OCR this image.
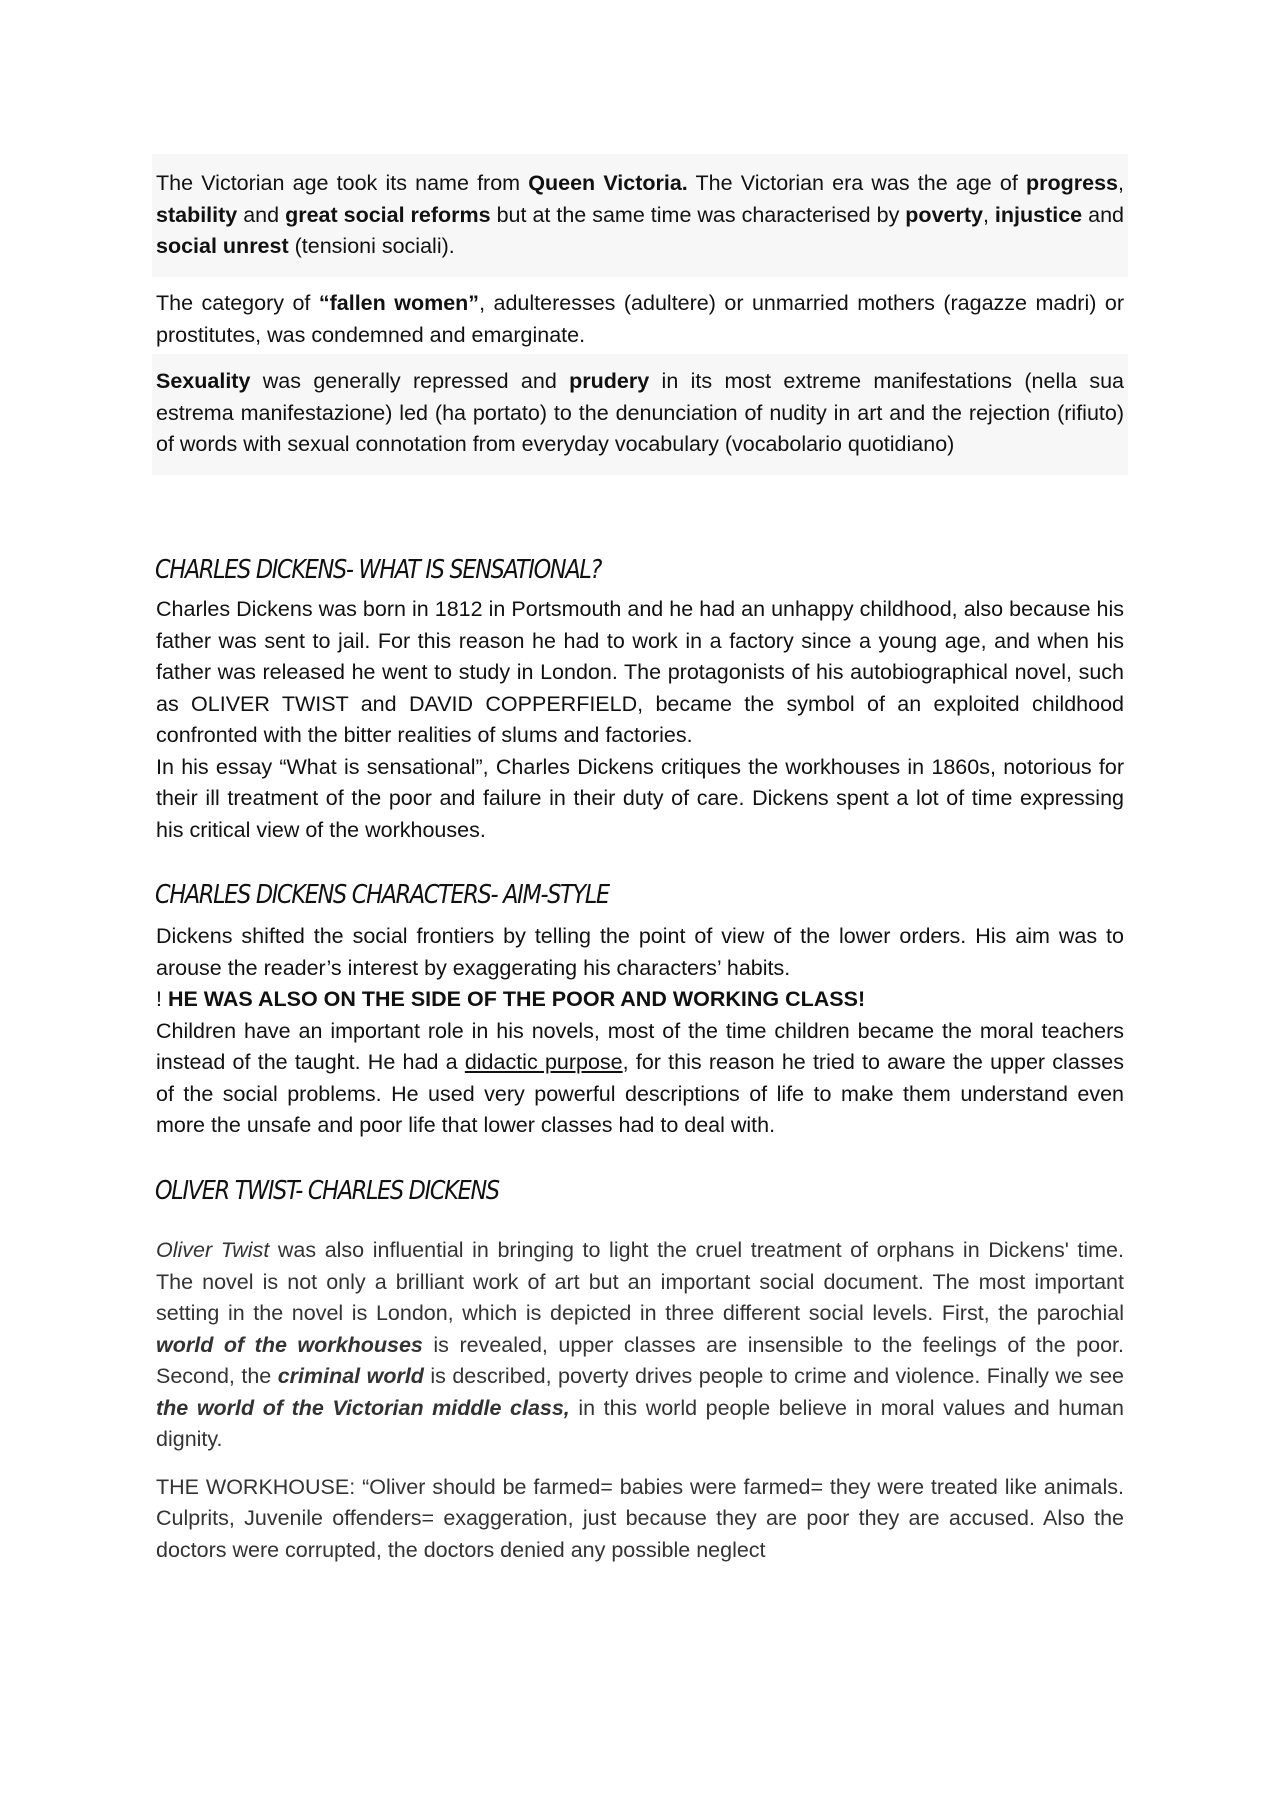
The Victorian age took its name from Queen Victoria. The Victorian era was the age of progress, stability and great social reforms but at the same time was characterised by poverty, injustice and social unrest (tensioni sociali).

The category of “fallen women”, adulteresses (adultere) or unmarried mothers (ragazze madri) or prostitutes, was condemned and emarginate.

Sexuality was generally repressed and prudery in its most extreme manifestations (nella sua estrema manifestazione) led (ha portato) to the denunciation of nudity in art and the rejection (rifiuto) of words with sexual connotation from everyday vocabulary (vocabolario quotidiano)

CHARLES DICKENS- WHAT IS SENSATIONAL?

Charles Dickens was born in 1812 in Portsmouth and he had an unhappy childhood, also because his father was sent to jail. For this reason he had to work in a factory since a young age, and when his father was released he went to study in London. The protagonists of his autobiographical novel, such as OLIVER TWIST and DAVID COPPERFIELD, became the symbol of an exploited childhood confronted with the bitter realities of slums and factories.

In his essay “What is sensational”, Charles Dickens critiques the workhouses in 1860s, notorious for their ill treatment of the poor and failure in their duty of care. Dickens spent a lot of time expressing his critical view of the workhouses.

CHARLES DICKENS CHARACTERS- AIM-STYLE

Dickens shifted the social frontiers by telling the point of view of the lower orders. His aim was to arouse the reader’s interest by exaggerating his characters’ habits.

! HE WAS ALSO ON THE SIDE OF THE POOR AND WORKING CLASS!

Children have an important role in his novels, most of the time children became the moral teachers instead of the taught. He had a didactic purpose, for this reason he tried to aware the upper classes of the social problems. He used very powerful descriptions of life to make them understand even more the unsafe and poor life that lower classes had to deal with.

OLIVER TWIST- CHARLES DICKENS

Oliver Twist was also influential in bringing to light the cruel treatment of orphans in Dickens' time. The novel is not only a brilliant work of art but an important social document. The most important setting in the novel is London, which is depicted in three different social levels. First, the parochial world of the workhouses is revealed, upper classes are insensible to the feelings of the poor. Second, the criminal world is described, poverty drives people to crime and violence. Finally we see the world of the Victorian middle class, in this world people believe in moral values and human dignity.

THE WORKHOUSE: “Oliver should be farmed= babies were farmed= they were treated like animals. Culprits, Juvenile offenders= exaggeration, just because they are poor they are accused. Also the doctors were corrupted, the doctors denied any possible neglect
